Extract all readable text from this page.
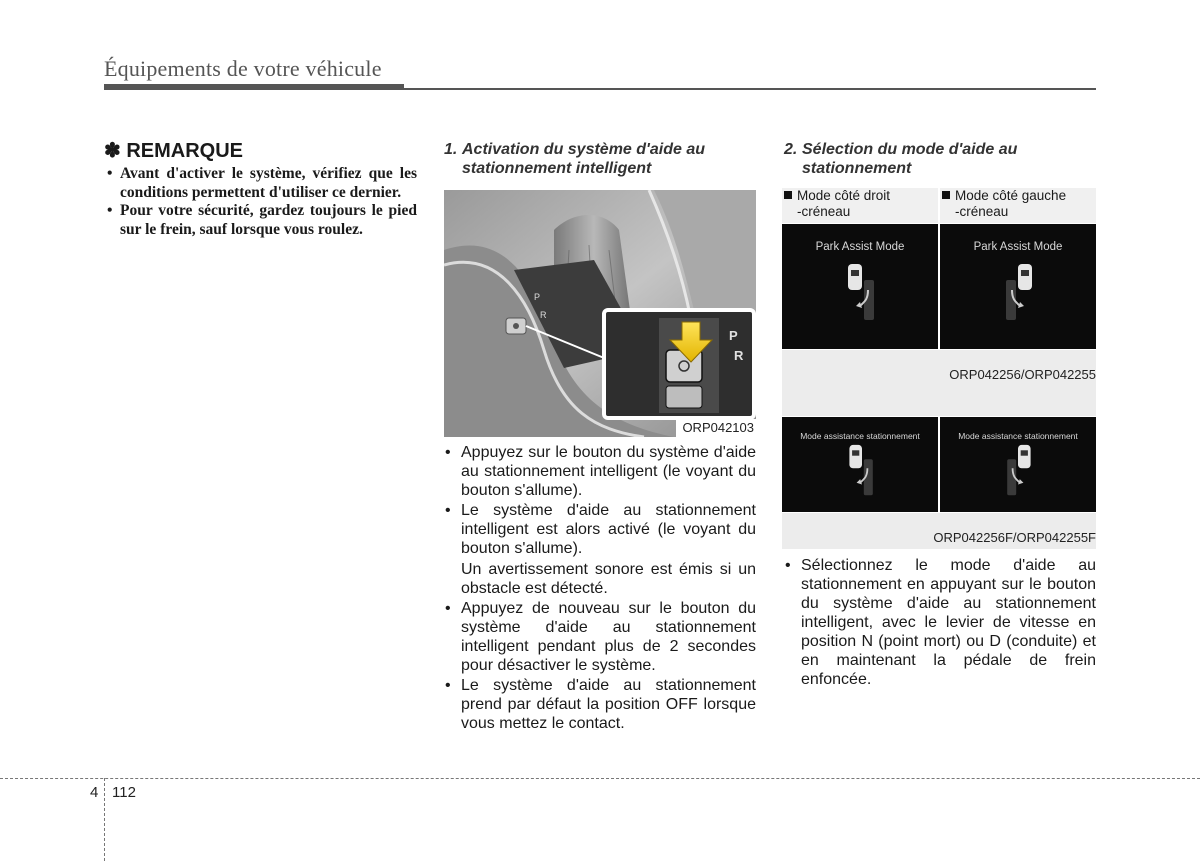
Équipements de votre véhicule
✽ REMARQUE
• Avant d'activer le système, vérifiez que les conditions permettent d'utiliser ce dernier.
• Pour votre sécurité, gardez toujours le pied sur le frein, sauf lorsque vous roulez.
1. Activation du système d'aide au
stationnement intelligent
P
R
P
R
ORP042103
• Appuyez sur le bouton du système d'aide au stationnement intelligent (le voyant du bouton s'allume).
• Le système d'aide au stationnement intelligent est alors activé (le voyant du bouton s'allume).
Un avertissement sonore est émis si un obstacle est détecté.
• Appuyez de nouveau sur le bouton du système d'aide au stationnement intelligent pendant plus de 2 secondes pour désactiver le système.
• Le système d'aide au stationnement prend par défaut la position OFF lorsque vous mettez le contact.
2. Sélection du mode d'aide au
stationnement
Mode côté droit
-créneau
Mode côté gauche
-créneau
Park Assist Mode	Park Assist Mode
ORP042256/ORP042255
Mode assistance stationnement	Mode assistance stationnement
ORP042256F/ORP042255F
• Sélectionnez le mode d'aide au stationnement en appuyant sur le bouton du système d'aide au stationnement intelligent, avec le levier de vitesse en position N (point mort) ou D (conduite) et en maintenant la pédale de frein enfoncée.
4 112
